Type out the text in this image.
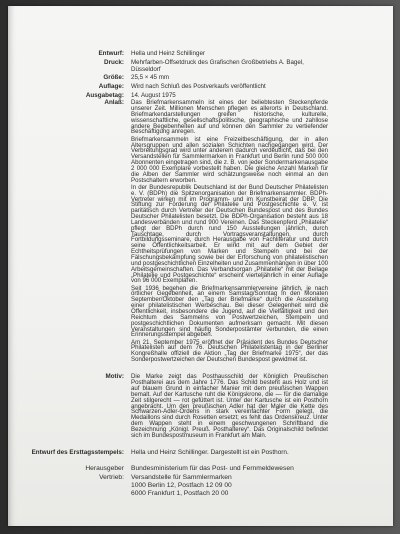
Entwurf: Hella und Heinz Schillinger
Druck: Mehrfarben-Offsetdruck des Grafischen Großbetriebs A. Bagel, Düsseldorf
Größe: 25,5 × 45 mm
Auflage: Wird nach Schluß des Postverkaufs veröffentlicht
Ausgabetag: 14. August 1975
Anlaß: Das Briefmarkensammeln ist eines der beliebtesten Steckenpferde unserer Zeit. Millionen Menschen pflegen es allerorts in Deutschland. Briefmarkendarstellungen greifen historische, kulturelle, wissenschaftliche, gesellschaftspolitische, geographische und zahllose andere Begebenheiten auf und können den Sammler zu vertiefender Beschäftigung anregen.

Briefmarkensammeln ist eine Freizeitbeschäftigung, der in allen Altersgruppen und allen sozialen Schichten nachgegangen wird. Der Verbreitungsgrad wird unter anderem dadurch verdeutlicht, daß bei den Versandstellen für Sammlermarken in Frankfurt und Berlin rund 500 000 Abonnenten eingetragen sind, die z. B. von jeder Sondermarkenausgabe 2 000 000 Exemplare vorbestellt haben. Die gleiche Anzahl Marken für die Alben der Sammler wird schätzungsweise noch einmal an den Postschaltern erworben.

In der Bundesrepublik Deutschland ist der Bund Deutscher Philatelisten e. V. (BDPh) die Spitzenorganisation der Briefmarkensammler. BDPh-Vertreter wirken mit im Programm- und im Kunstbeirat der DBP. Die Stiftung zur Förderung der Philatelie und Postgeschichte e. V. ist paritätisch durch Vertreter der Deutschen Bundespost und des Bundes Deutscher Philatelisten besetzt. Die BDPh-Organisation besteht aus 18 Landesverbänden und rund 900 Vereinen. Das Steckenpferd „Philatelie“ pflegt der BDPh durch rund 150 Ausstellungen jährlich, durch Tauschtage, durch Vortragsveranstaltungen, durch Fortbildungsseminare, durch Herausgabe von Fachliteratur und durch seine Öffentlichkeitsarbeit. Er wirkt mit auf dem Gebiet der Echtheitsprüfungen von Marken und Stempeln und bei der Fälschungsbekämpfung sowie bei der Erforschung von philatelistischen und postgeschichtlichen Einzelheiten und Zusammenhängen in über 100 Arbeitsgemeinschaften. Das Verbandsorgan „Philatelie“ mit der Beilage „Philatelie und Postgeschichte“ erscheint vierteljährlich in einer Auflage von 96 000 Exemplaren.

Seit 1936 begehen die Briefmarkensammlervereine jährlich, je nach örtlicher Gegebenheit, an einem Samstag/Sonntag in den Monaten September/Oktober den „Tag der Briefmarke“ durch die Ausstellung einer philatelistischen Werbeschau. Bei dieser Gelegenheit wird die Öffentlichkeit, insbesondere die Jugend, auf die Vielfältigkeit und den Reichtum des Sammelns von Postwertzeichen, Stempeln und postgeschichtlichen Dokumenten aufmerksam gemacht. Mit diesen Veranstaltungen sind häufig Sonderpostämter verbunden, die einen Erinnerungsstempel abgeben.

Am 21. September 1975 eröffnet der Präsident des Bundes Deutscher Philatelisten auf dem 76. Deutschen Philatelistentag in der Berliner Kongreßhalle offiziell die Aktion „Tag der Briefmarke 1975“, der das Sonderpostwertzeichen der Deutschen Bundespost gewidmet ist.

Motiv: Die Marke zeigt das Posthausschild der Königlich Preußischen Posthalterei aus dem Jahre 1776. Das Schild besteht aus Holz und ist auf blauem Grund in einfacher Manier mit dem preußischen Wappen bemalt. Auf der Kartusche ruht die Königskrone, die — für die damalige Zeit stilgerecht — rot gefüttert ist. Unter der Kartusche ist ein Posthorn angebracht. Um den preußischen Adler hat der Maler die Kette des Schwarzen-Adler-Ordens in stark vereinfachter Form gelegt, die Medaillons sind durch Rosetten ersetzt; es fehlt das Ordenskreuz. Unter dem Wappen steht in einem geschwungenen Schriftband die Bezeichnung „Königl. Preuß. Posthalterey“. Das Originalschild befindet sich im Bundespostmuseum in Frankfurt am Main.

Entwurf des Ersttagsstempels: Hella und Heinz Schillinger. Dargestellt ist ein Posthorn.
Herausgeber
Vertrieb:
Bundesministerium für das Post- und Fernmeldewesen
Versandstelle für Sammlermarken
1000 Berlin 12, Postfach 12 09 00
6000 Frankfurt 1, Postfach 20 00
